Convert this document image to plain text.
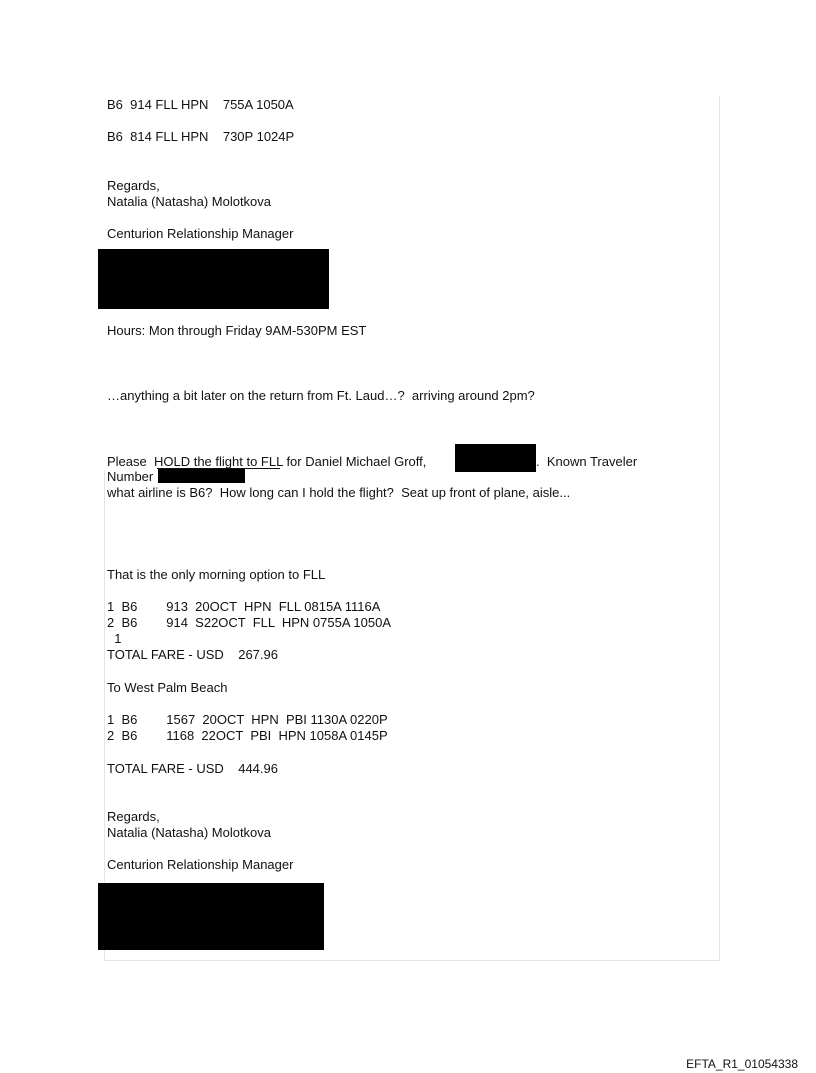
B6  914 FLL HPN    755A 1050A
B6  814 FLL HPN    730P 1024P
Regards,
Natalia (Natasha) Molotkova
Centurion Relationship Manager
Hours: Mon through Friday 9AM-530PM EST
…anything a bit later on the return from Ft. Laud…?  arriving around 2pm?
Please  HOLD the flight to FLL for Daniel Michael Groff,	.  Known Traveler
Number
what airline is B6?  How long can I hold the flight?  Seat up front of plane, aisle...
That is the only morning option to FLL
1  B6        913  20OCT  HPN  FLL 0815A 1116A
2  B6        914  S22OCT  FLL  HPN 0755A 1050A
1
TOTAL FARE - USD    267.96
To West Palm Beach
1  B6        1567  20OCT  HPN  PBI 1130A 0220P
2  B6        1168  22OCT  PBI  HPN 1058A 0145P
TOTAL FARE - USD    444.96
Regards,
Natalia (Natasha) Molotkova
Centurion Relationship Manager
EFTA_R1_01054338
